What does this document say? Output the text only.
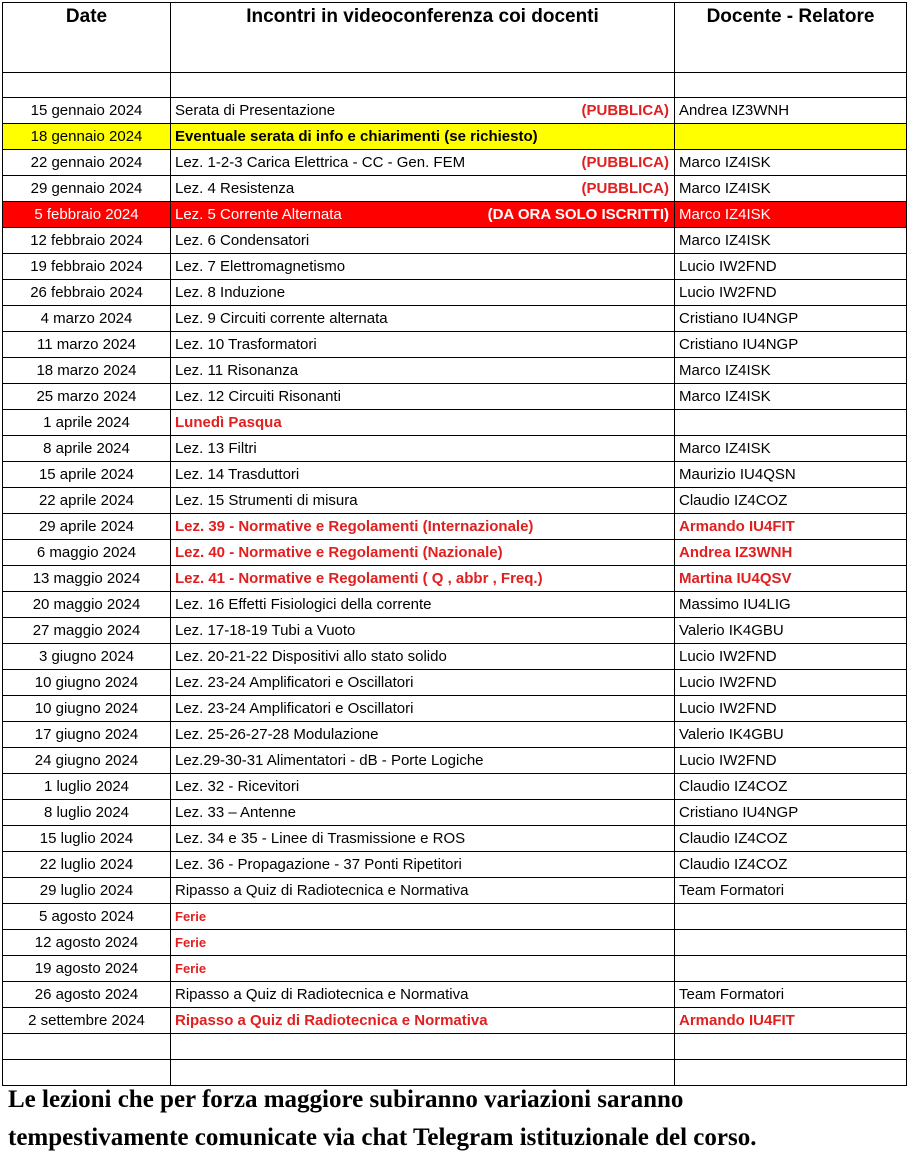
Date	Incontri in videoconferenza coi docenti	Docente - Relatore

15 gennaio 2024	Serata di Presentazione (PUBBLICA)	Andrea IZ3WNH
18 gennaio 2024	Eventuale serata di info e chiarimenti (se richiesto)	
22 gennaio 2024	Lez. 1-2-3 Carica Elettrica - CC - Gen. FEM (PUBBLICA)	Marco IZ4ISK
29 gennaio 2024	Lez. 4 Resistenza (PUBBLICA)	Marco IZ4ISK
5 febbraio 2024	Lez. 5 Corrente Alternata (DA ORA SOLO ISCRITTI)	Marco IZ4ISK
12 febbraio 2024	Lez. 6 Condensatori	Marco IZ4ISK
19 febbraio 2024	Lez. 7 Elettromagnetismo	Lucio IW2FND
26 febbraio 2024	Lez. 8 Induzione	Lucio IW2FND
4 marzo 2024	Lez. 9 Circuiti corrente alternata	Cristiano IU4NGP
11 marzo 2024	Lez. 10 Trasformatori	Cristiano IU4NGP
18 marzo 2024	Lez. 11 Risonanza	Marco IZ4ISK
25 marzo 2024	Lez. 12 Circuiti Risonanti	Marco IZ4ISK
1 aprile 2024	Lunedì Pasqua	
8 aprile 2024	Lez. 13 Filtri	Marco IZ4ISK
15 aprile 2024	Lez. 14 Trasduttori	Maurizio IU4QSN
22 aprile 2024	Lez. 15 Strumenti di misura	Claudio IZ4COZ
29 aprile 2024	Lez. 39 - Normative e Regolamenti (Internazionale)	Armando IU4FIT
6 maggio 2024	Lez. 40 - Normative e Regolamenti (Nazionale)	Andrea IZ3WNH
13 maggio 2024	Lez. 41 - Normative e Regolamenti ( Q , abbr , Freq.)	Martina IU4QSV
20 maggio 2024	Lez. 16 Effetti Fisiologici della corrente	Massimo IU4LIG
27 maggio 2024	Lez. 17-18-19 Tubi a Vuoto	Valerio IK4GBU
3 giugno 2024	Lez. 20-21-22 Dispositivi allo stato solido	Lucio IW2FND
10 giugno 2024	Lez. 23-24 Amplificatori e Oscillatori	Lucio IW2FND
10 giugno 2024	Lez. 23-24 Amplificatori e Oscillatori	Lucio IW2FND
17 giugno 2024	Lez. 25-26-27-28 Modulazione	Valerio IK4GBU
24 giugno 2024	Lez.29-30-31 Alimentatori - dB - Porte Logiche	Lucio IW2FND
1 luglio 2024	Lez. 32 - Ricevitori	Claudio IZ4COZ
8 luglio 2024	Lez. 33 – Antenne	Cristiano IU4NGP
15 luglio 2024	Lez. 34 e 35 - Linee di Trasmissione e ROS	Claudio IZ4COZ
22 luglio 2024	Lez. 36 - Propagazione - 37 Ponti Ripetitori	Claudio IZ4COZ
29 luglio 2024	Ripasso a Quiz di Radiotecnica e Normativa	Team Formatori
5 agosto 2024	Ferie	
12 agosto 2024	Ferie	
19 agosto 2024	Ferie	
26 agosto 2024	Ripasso a Quiz di Radiotecnica e Normativa	Team Formatori
2 settembre 2024	Ripasso a Quiz di Radiotecnica e Normativa	Armando IU4FIT

Le lezioni che per forza maggiore subiranno variazioni saranno
tempestivamente comunicate via chat Telegram istituzionale del corso.
